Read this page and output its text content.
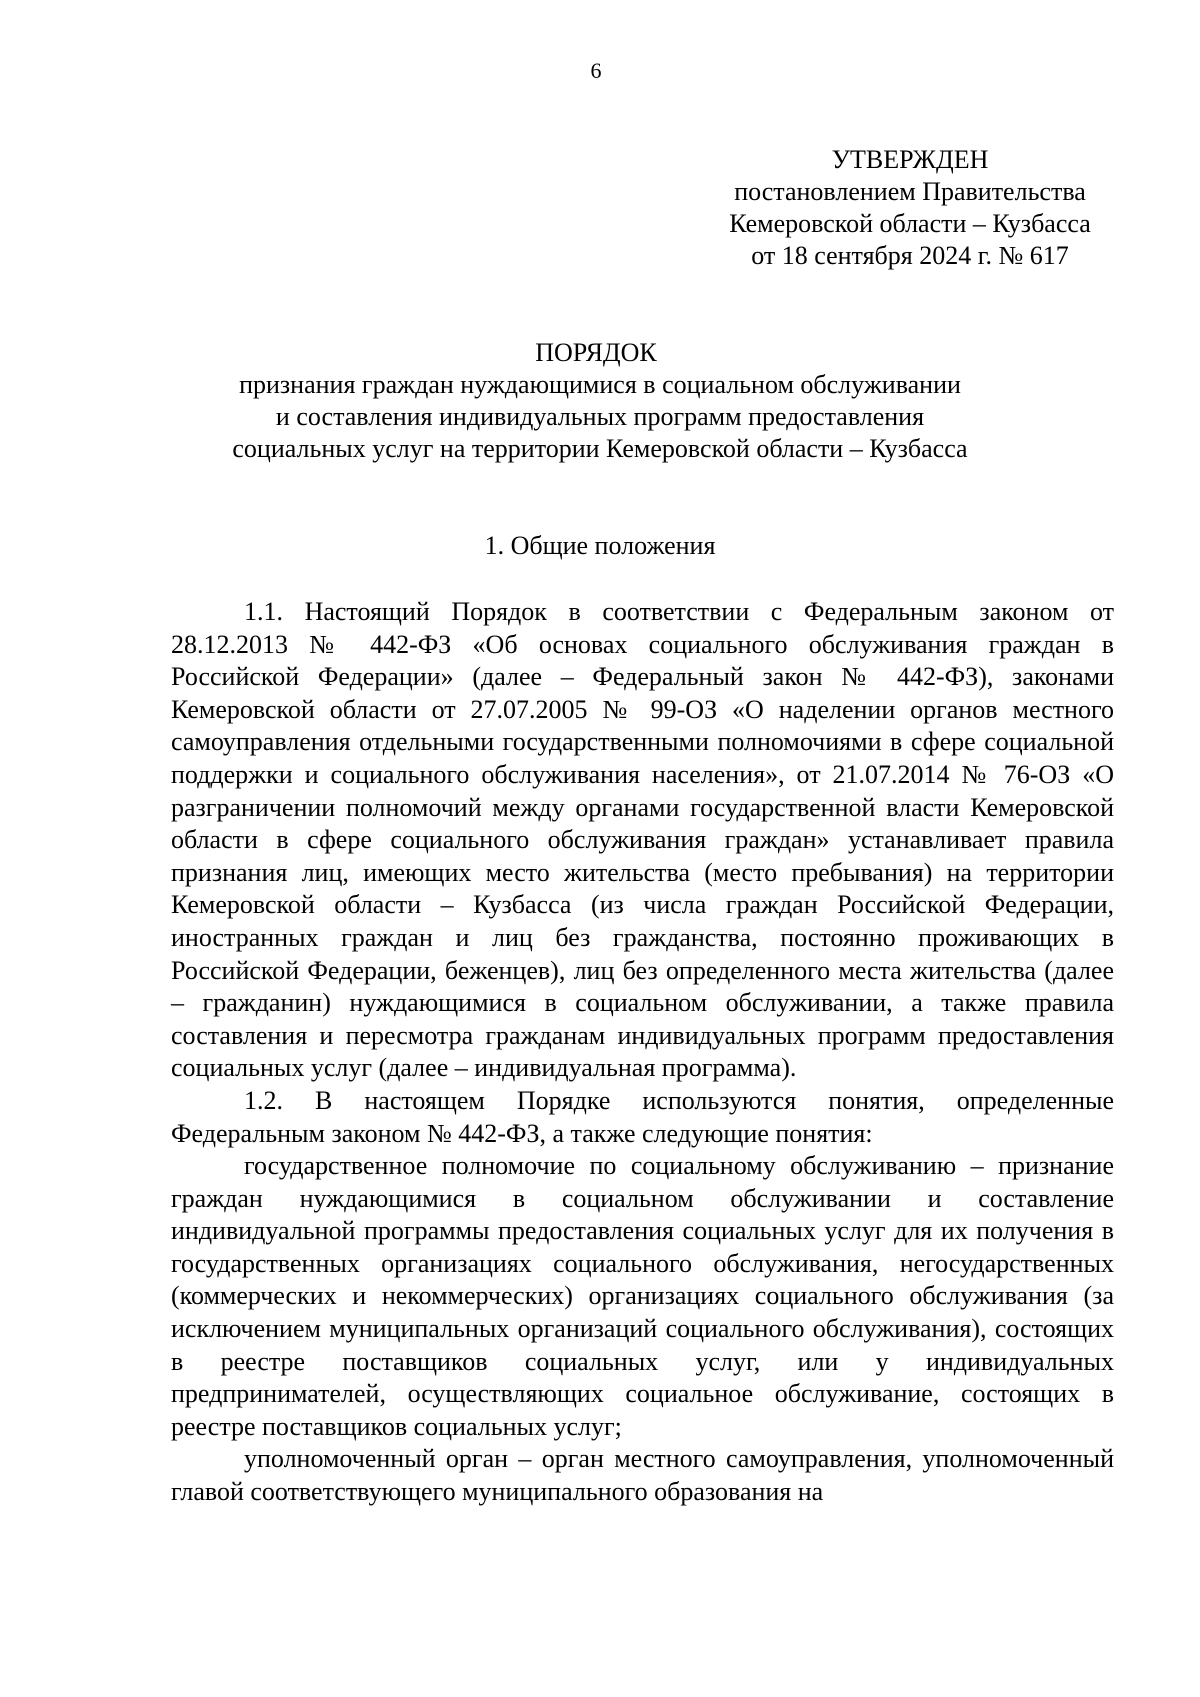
6
УТВЕРЖДЕН
постановлением Правительства
Кемеровской области – Кузбасса
от 18 сентября 2024 г. № 617
ПОРЯДОК
признания граждан нуждающимися в социальном обслуживании
и составления индивидуальных программ предоставления
социальных услуг на территории Кемеровской области – Кузбасса
1. Общие положения

1.1. Настоящий Порядок в соответствии с Федеральным законом от 28.12.2013 № 442-ФЗ «Об основах социального обслуживания граждан в Российской Федерации» (далее – Федеральный закон № 442-ФЗ), законами Кемеровской области от 27.07.2005 № 99-ОЗ «О наделении органов местного самоуправления отдельными государственными полномочиями в сфере социальной поддержки и социального обслуживания населения», от 21.07.2014 № 76-ОЗ «О разграничении полномочий между органами государственной власти Кемеровской области в сфере социального обслуживания граждан» устанавливает правила признания лиц, имеющих место жительства (место пребывания) на территории Кемеровской области – Кузбасса (из числа граждан Российской Федерации, иностранных граждан и лиц без гражданства, постоянно проживающих в Российской Федерации, беженцев), лиц без определенного места жительства (далее – гражданин) нуждающимися в социальном обслуживании, а также правила составления и пересмотра гражданам индивидуальных программ предоставления социальных услуг (далее – индивидуальная программа).

1.2. В настоящем Порядке используются понятия, определенные Федеральным законом № 442-ФЗ, а также следующие понятия:

государственное полномочие по социальному обслуживанию – признание граждан нуждающимися в социальном обслуживании и составление индивидуальной программы предоставления социальных услуг для их получения в государственных организациях социального обслуживания, негосударственных (коммерческих и некоммерческих) организациях социального обслуживания (за исключением муниципальных организаций социального обслуживания), состоящих в реестре поставщиков социальных услуг, или у индивидуальных предпринимателей, осуществляющих социальное обслуживание, состоящих в реестре поставщиков социальных услуг;

уполномоченный орган – орган местного самоуправления, уполномоченный главой соответствующего муниципального образования на
